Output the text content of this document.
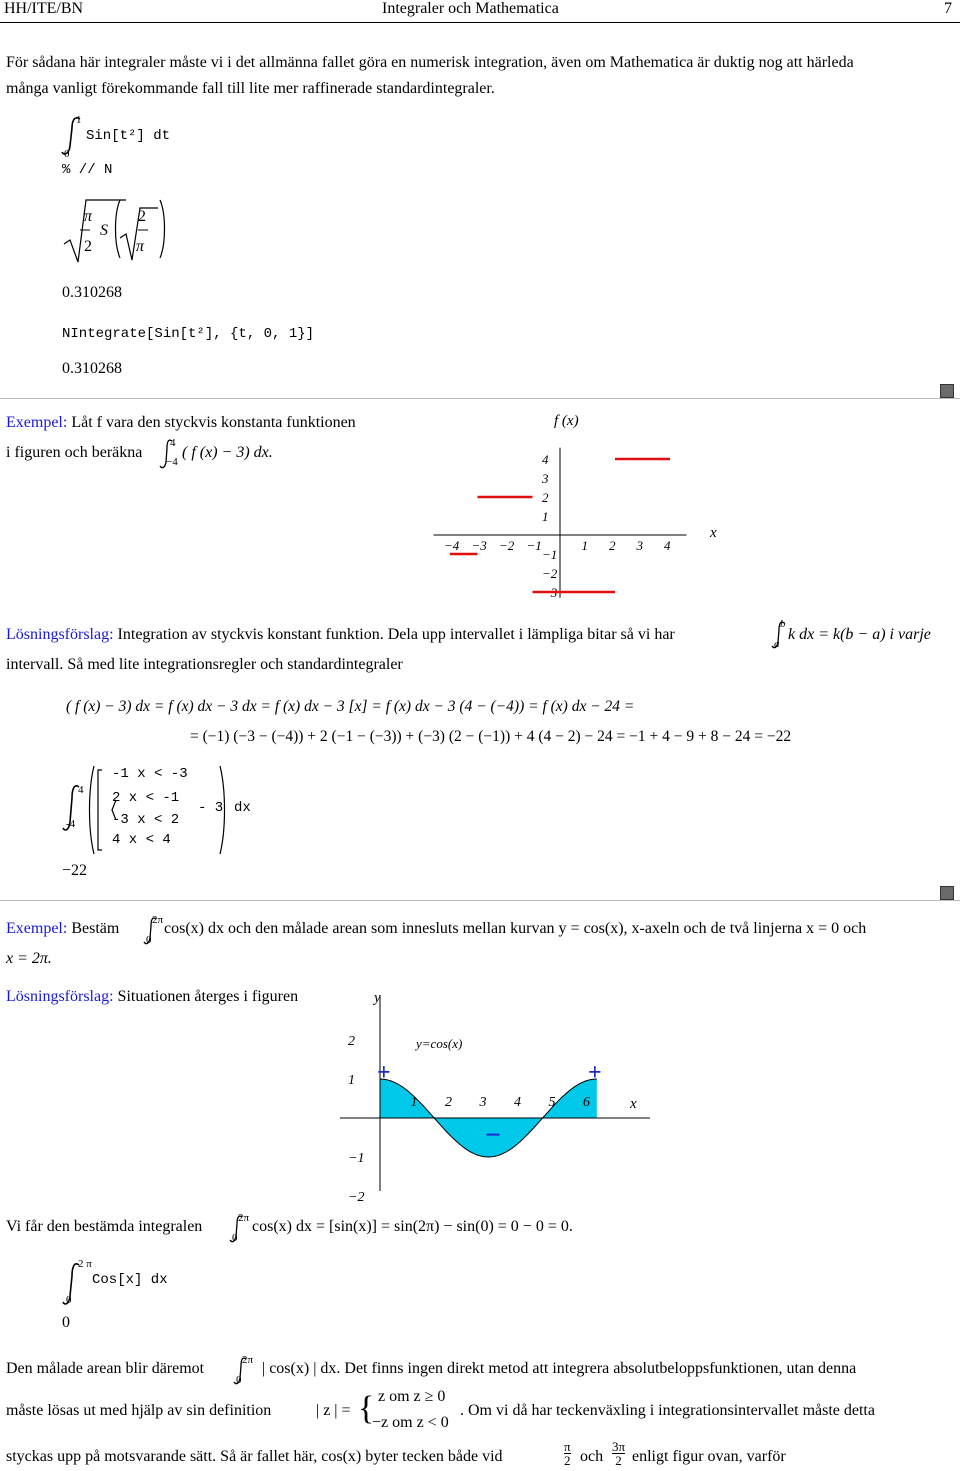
HH/ITE/BN	Integraler och Mathematica	7
För sådana här integraler måste vi i det allmänna fallet göra en numerisk integration, även om Mathematica är duktig nog att härleda
många vanligt förekommande fall till lite mer raffinerade standardintegraler.
1
0
Sin[t²] dt
% // N
π
2
S
2
π
0.310268
NIntegrate[Sin[t²], {t, 0, 1}]
0.310268
Exempel: Låt f vara den styckvis konstanta funktionen
i figuren och beräkna
4
−4
( f (x) − 3) dx.
f (x)
x
−4 −3 −2 −1	1 2 3 4
4
3
2
1
−1
−2
−3
Lösningsförslag: Integration av styckvis konstant funktion. Dela upp intervallet i lämpliga bitar så vi har
b
a
k dx = k(b − a) i varje
intervall. Så med lite integrationsregler och standardintegraler
( f (x) − 3) dx = f (x) dx − 3 dx = f (x) dx − 3 [x] = f (x) dx − 3 (4 − (−4)) = f (x) dx − 24 =
= (−1) (−3 − (−4)) + 2 (−1 − (−3)) + (−3) (2 − (−1)) + 4 (4 − 2) − 24 = −1 + 4 − 9 + 8 − 24 = −22
4
-4
-1 x < -3
2 x < -1
-3 x < 2
4 x < 4
- 3 dx
−22
Exempel: Bestäm	2π
0
cos(x) dx och den målade arean som innesluts mellan kurvan y = cos(x), x-axeln och de två linjerna x = 0 och
x = 2π.
Lösningsförslag: Situationen återges i figuren	y
x
2
1
−1
−2
1 2 3 4 5 6
y=cos(x)
+	+
−
Vi får den bestämda integralen	2π
0
cos(x) dx = [sin(x)] = sin(2π) − sin(0) = 0 − 0 = 0.
2 π
0
Cos[x] dx
0
Den målade arean blir däremot	2π
0
| cos(x) | dx. Det finns ingen direkt metod att integrera absolutbeloppsfunktionen, utan denna
måste lösas ut med hjälp av sin definition	| z | = { z om z ≥ 0
−z om z < 0
. Om vi då har teckenväxling i integrationsintervallet måste detta
styckas upp på motsvarande sätt. Så är fallet här, cos(x) byter tecken både vid	$\frac{\pi}{2}$ och $\frac{3\pi}{2}$ enligt figur ovan, varför
